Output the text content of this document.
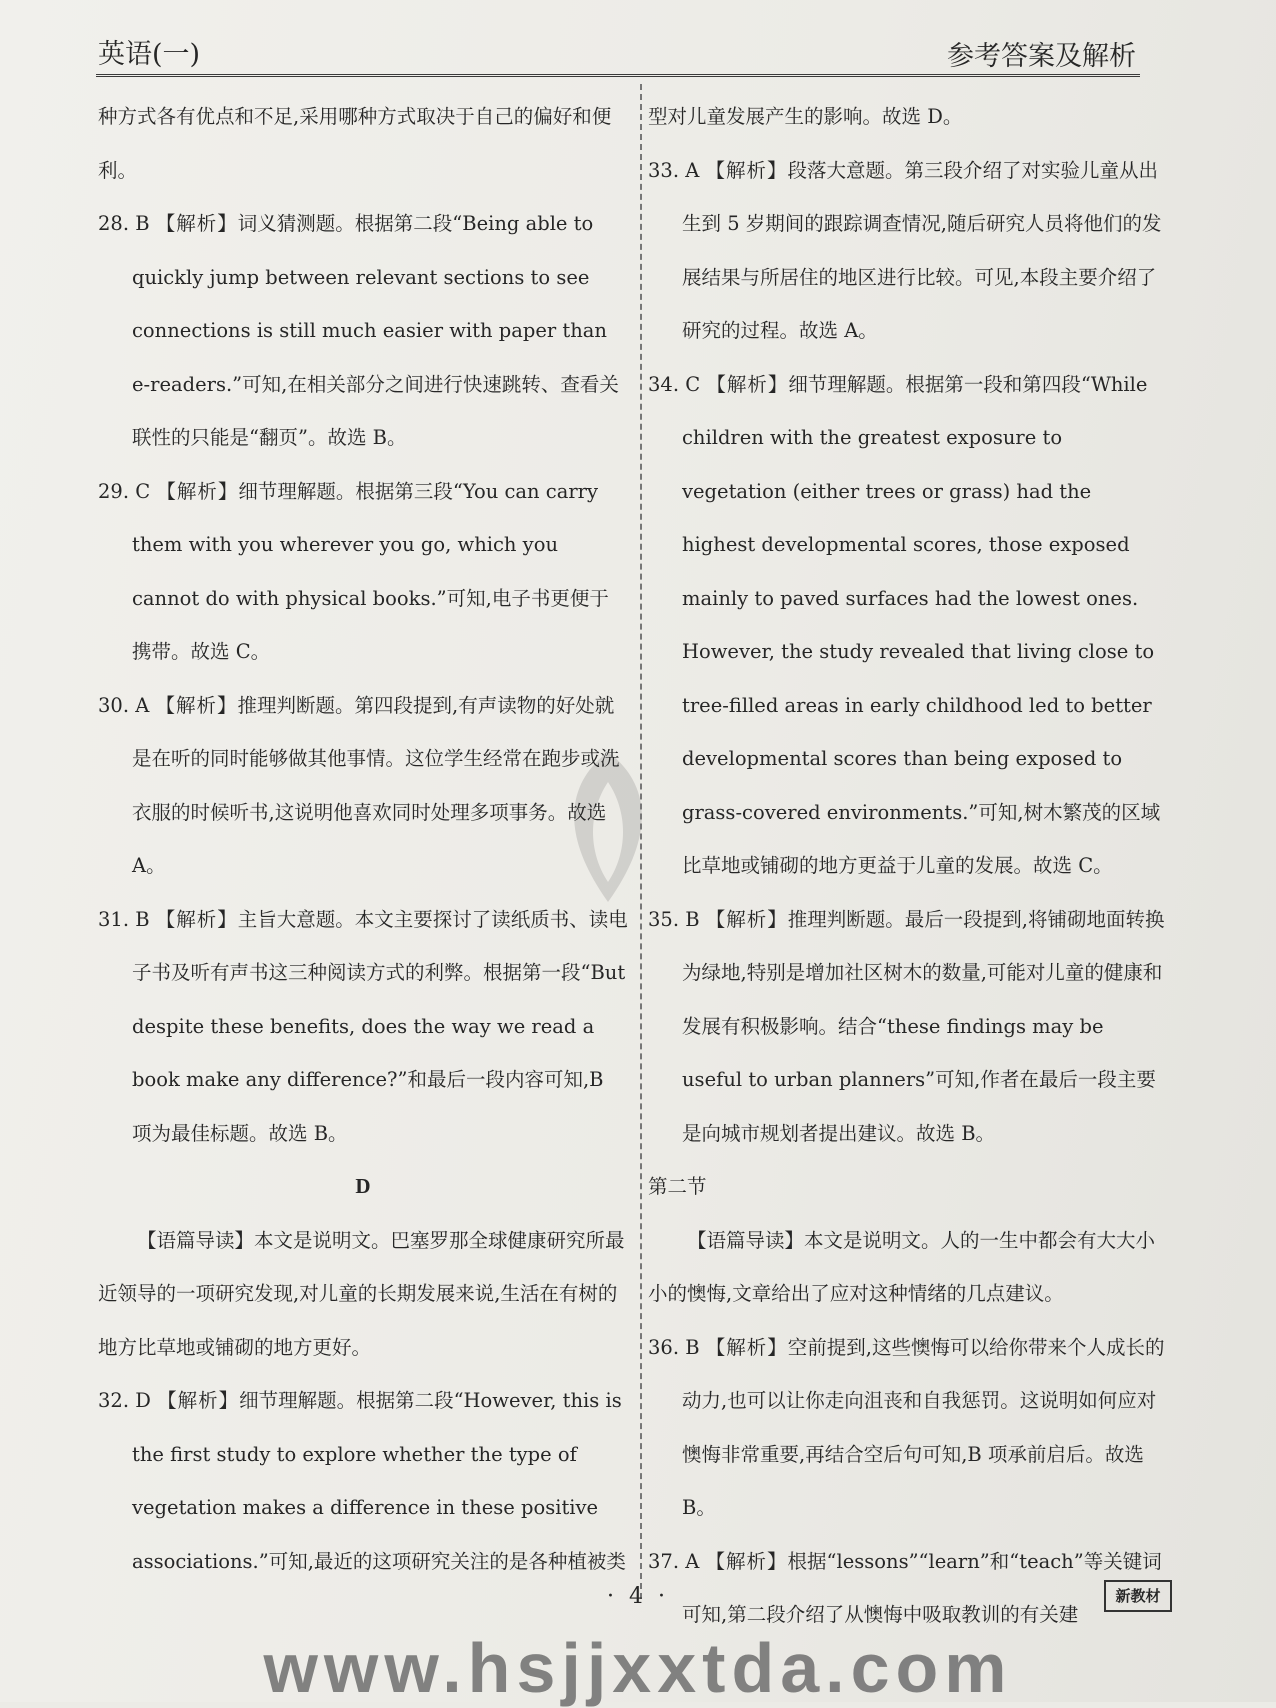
英语(一)	参考答案及解析

种方式各有优点和不足,采用哪种方式取决于自己的偏好和便利。

28. B 【解析】词义猜测题。根据第二段“Being able to quickly jump between relevant sections to see connections is still much easier with paper than e-readers.”可知,在相关部分之间进行快速跳转、查看关联性的只能是“翻页”。故选 B。

29. C 【解析】细节理解题。根据第三段“You can carry them with you wherever you go, which you cannot do with physical books.”可知,电子书更便于携带。故选 C。

30. A 【解析】推理判断题。第四段提到,有声读物的好处就是在听的同时能够做其他事情。这位学生经常在跑步或洗衣服的时候听书,这说明他喜欢同时处理多项事务。故选 A。

31. B 【解析】主旨大意题。本文主要探讨了读纸质书、读电子书及听有声书这三种阅读方式的利弊。根据第一段“But despite these benefits, does the way we read a book make any difference?”和最后一段内容可知,B 项为最佳标题。故选 B。

D

【语篇导读】本文是说明文。巴塞罗那全球健康研究所最近领导的一项研究发现,对儿童的长期发展来说,生活在有树的地方比草地或铺砌的地方更好。

32. D 【解析】细节理解题。根据第二段“However, this is the first study to explore whether the type of vegetation makes a difference in these positive associations.”可知,最近的这项研究关注的是各种植被类

型对儿童发展产生的影响。故选 D。

33. A 【解析】段落大意题。第三段介绍了对实验儿童从出生到 5 岁期间的跟踪调查情况,随后研究人员将他们的发展结果与所居住的地区进行比较。可见,本段主要介绍了研究的过程。故选 A。

34. C 【解析】细节理解题。根据第一段和第四段“While children with the greatest exposure to vegetation (either trees or grass) had the highest developmental scores, those exposed mainly to paved surfaces had the lowest ones. However, the study revealed that living close to tree-filled areas in early childhood led to better developmental scores than being exposed to grass-covered environments.”可知,树木繁茂的区域比草地或铺砌的地方更益于儿童的发展。故选 C。

35. B 【解析】推理判断题。最后一段提到,将铺砌地面转换为绿地,特别是增加社区树木的数量,可能对儿童的健康和发展有积极影响。结合“these findings may be useful to urban planners”可知,作者在最后一段主要是向城市规划者提出建议。故选 B。

第二节

【语篇导读】本文是说明文。人的一生中都会有大大小小的懊悔,文章给出了应对这种情绪的几点建议。

36. B 【解析】空前提到,这些懊悔可以给你带来个人成长的动力,也可以让你走向沮丧和自我惩罚。这说明如何应对懊悔非常重要,再结合空后句可知,B 项承前启后。故选 B。

37. A 【解析】根据“lessons”“learn”和“teach”等关键词可知,第二段介绍了从懊悔中吸取教训的有关建

· 4 ·	新教材
www.hsjjxxtda.com
